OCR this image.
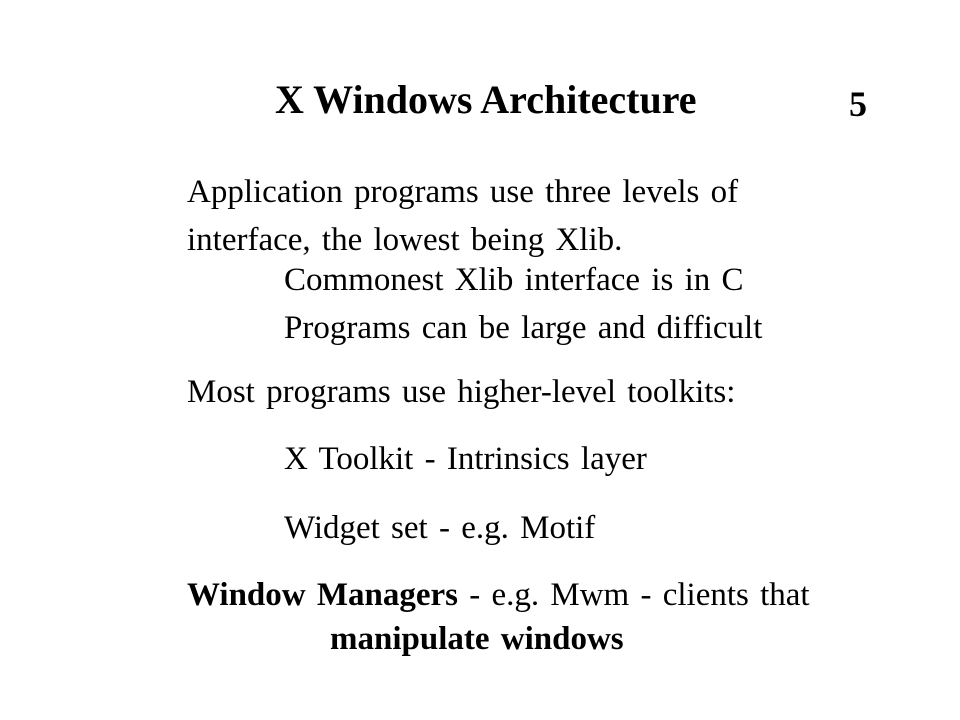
X Windows Architecture	5
Application programs use three levels of
interface, the lowest being Xlib.
Commonest Xlib interface is in C
Programs can be large and difficult
Most programs use higher-level toolkits:
X Toolkit - Intrinsics layer
Widget set - e.g. Motif
Window Managers - e.g. Mwm - clients that
manipulate windows
